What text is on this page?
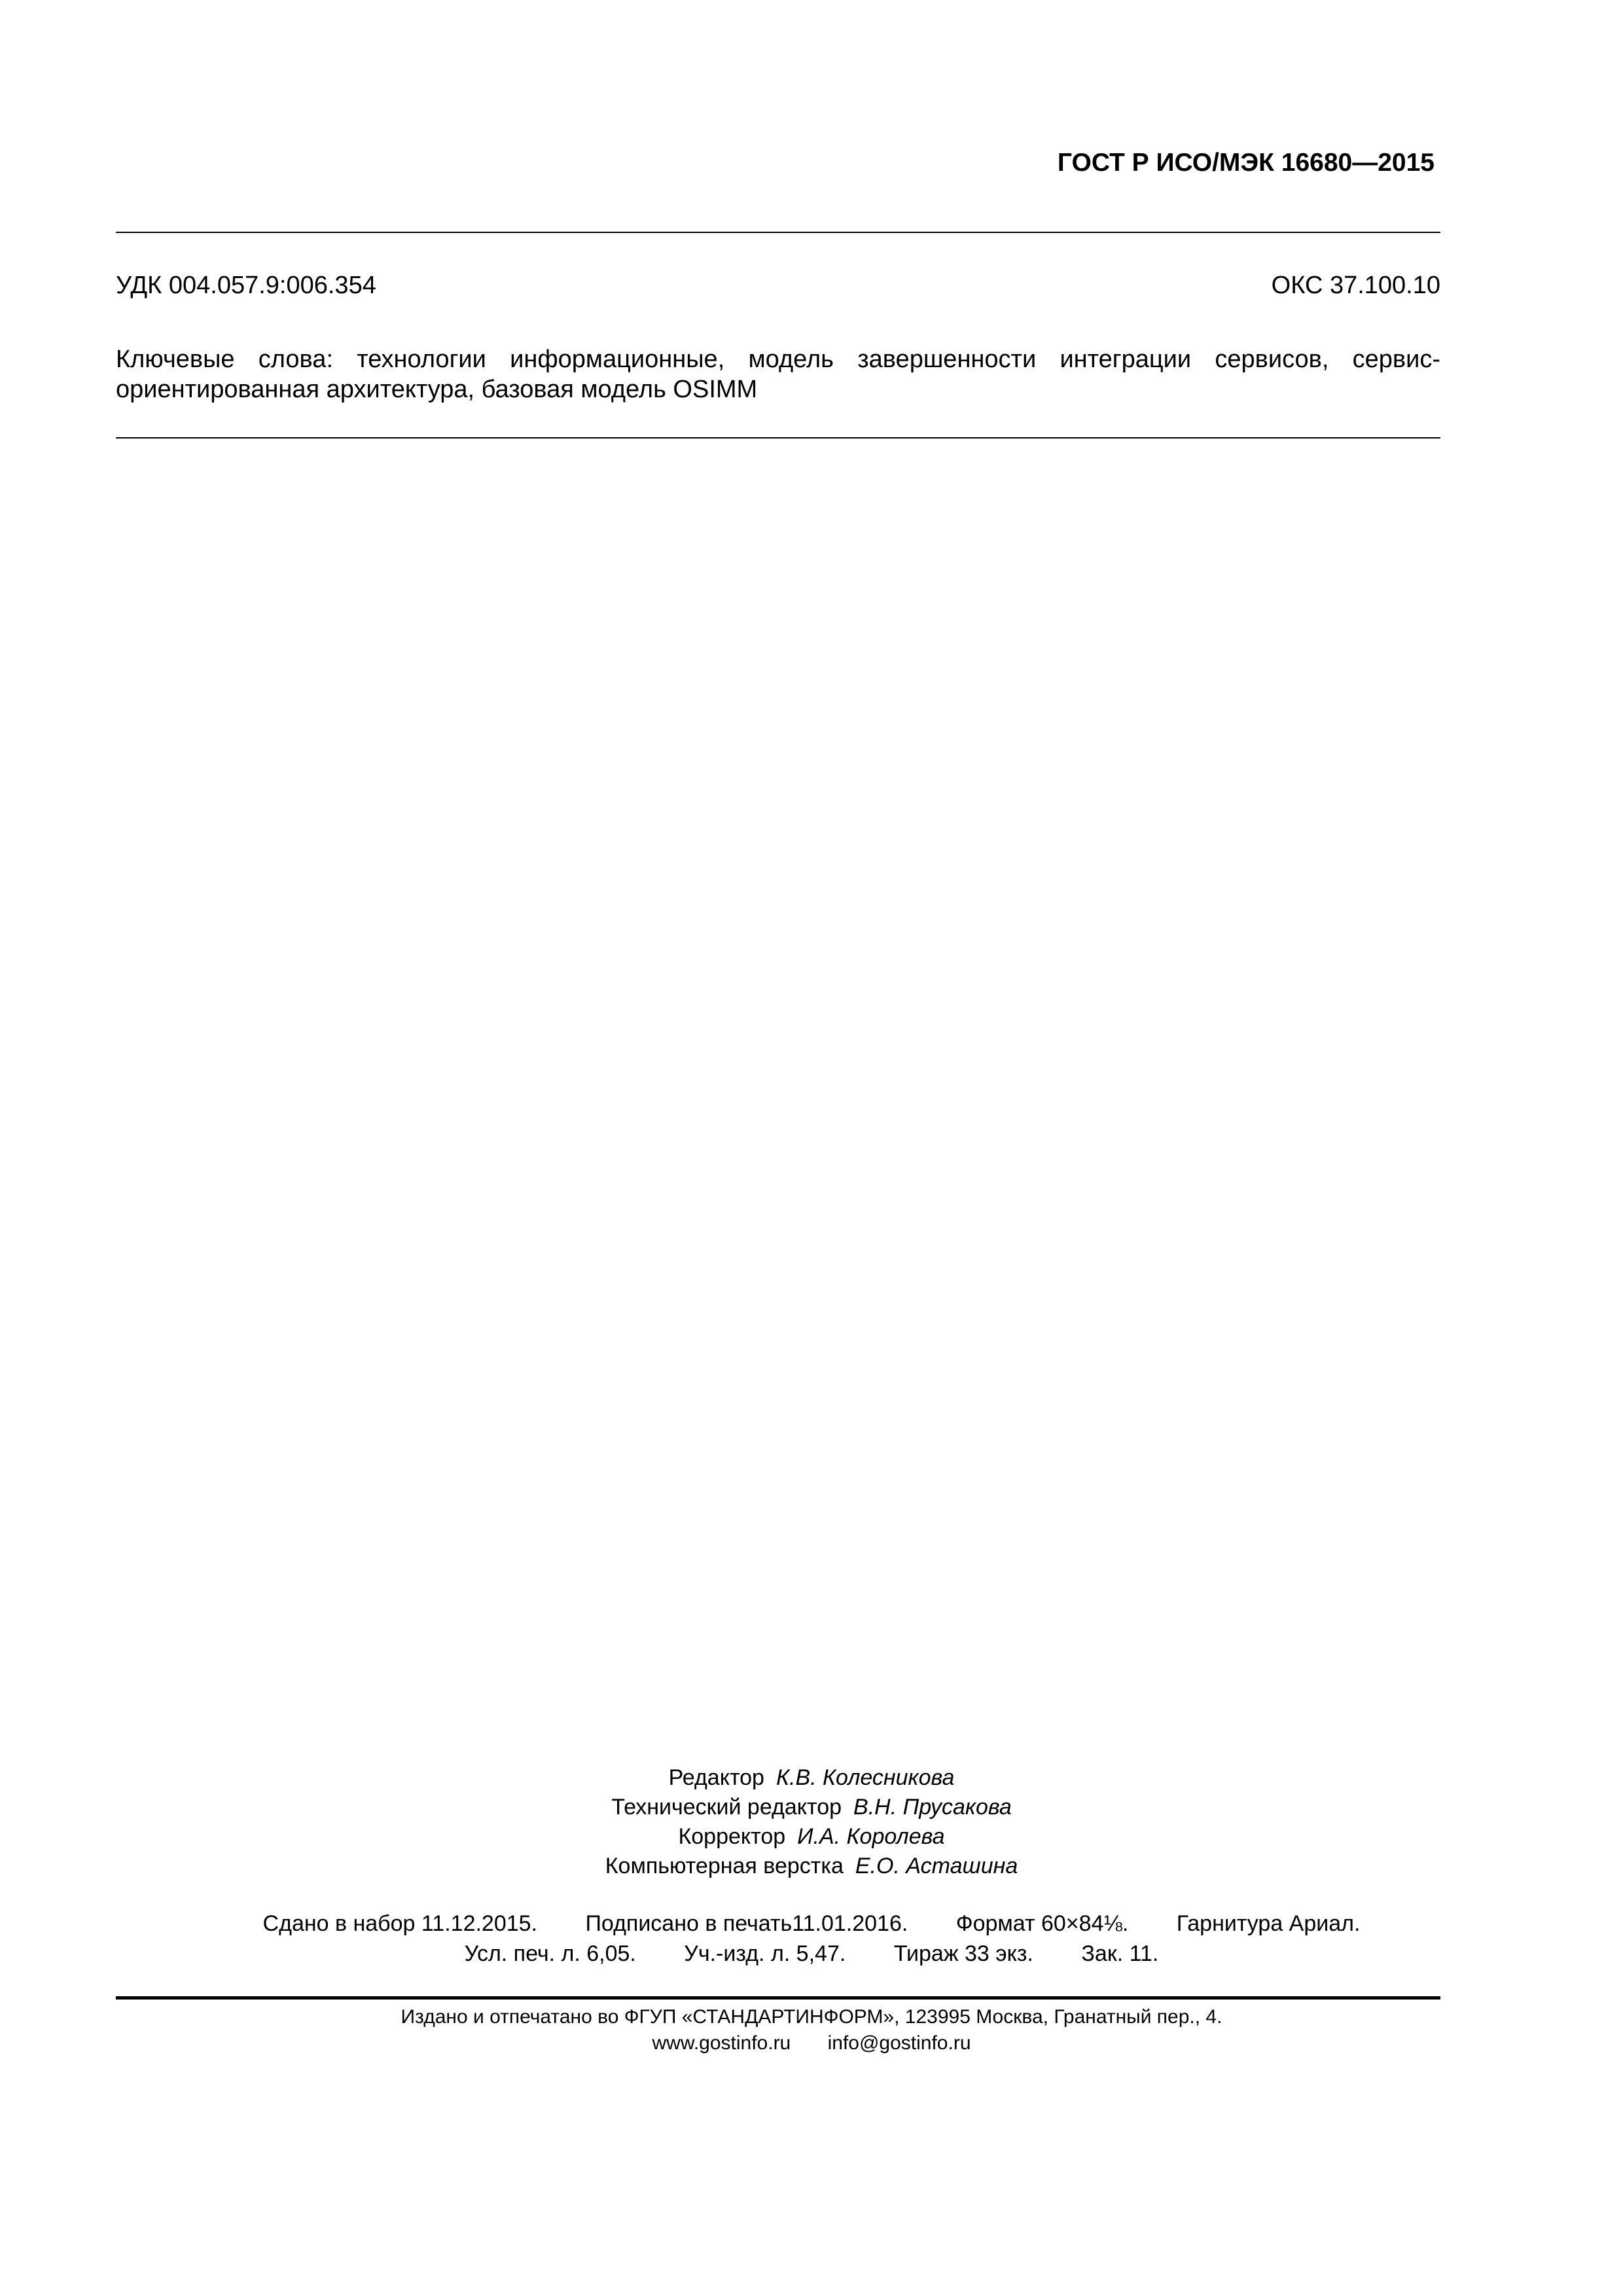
ГОСТ Р ИСО/МЭК 16680—2015
УДК 004.057.9:006.354	ОКС 37.100.10
Ключевые слова: технологии информационные, модель завершенности интеграции сервисов, сервис-ориентированная архитектура, базовая модель OSIMM
Редактор К.В. Колесникова
Технический редактор В.Н. Прусакова
Корректор И.А. Королева
Компьютерная верстка Е.О. Асташина
Сдано в набор 11.12.2015. Подписано в печать11.01.2016. Формат 60×84⅛. Гарнитура Ариал.
Усл. печ. л. 6,05. Уч.-изд. л. 5,47. Тираж 33 экз. Зак. 11.
Издано и отпечатано во ФГУП «СТАНДАРТИНФОРМ», 123995 Москва, Гранатный пер., 4.
www.gostinfo.ru info@gostinfo.ru
